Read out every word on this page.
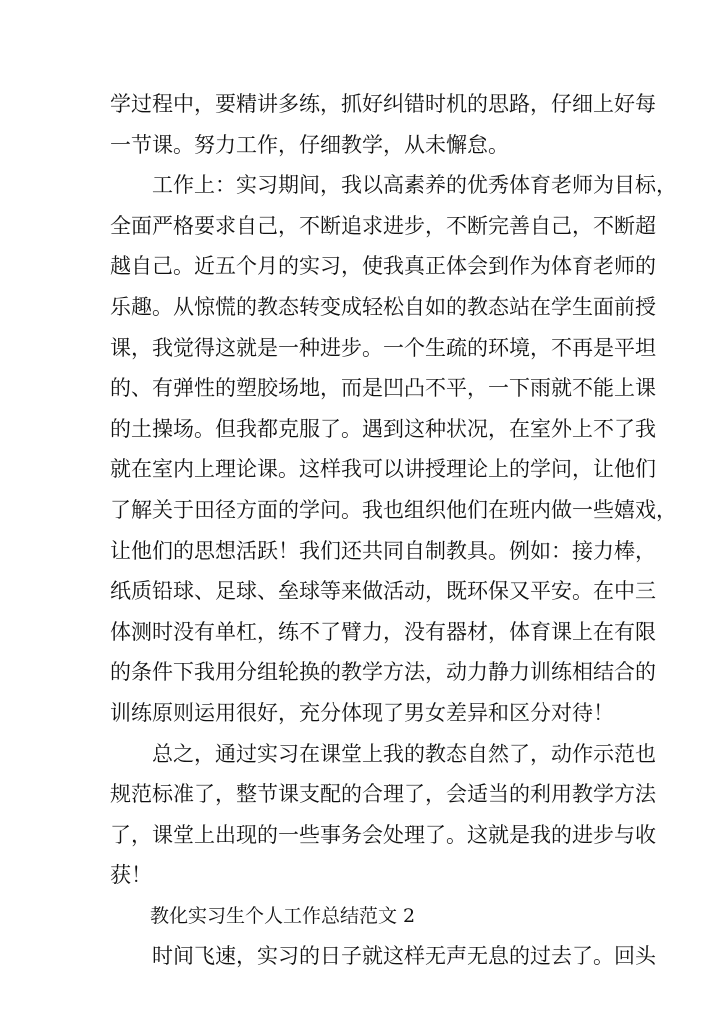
学过程中，要精讲多练，抓好纠错时机的思路，仔细上好每
一节课。努力工作，仔细教学，从未懈怠。
工作上：实习期间，我以高素养的优秀体育老师为目标，
全面严格要求自己，不断追求进步，不断完善自己，不断超
越自己。近五个月的实习，使我真正体会到作为体育老师的
乐趣。从惊慌的教态转变成轻松自如的教态站在学生面前授
课，我觉得这就是一种进步。一个生疏的环境，不再是平坦
的、有弹性的塑胶场地，而是凹凸不平，一下雨就不能上课
的土操场。但我都克服了。遇到这种状况，在室外上不了我
就在室内上理论课。这样我可以讲授理论上的学问，让他们
了解关于田径方面的学问。我也组织他们在班内做一些嬉戏，
让他们的思想活跃！我们还共同自制教具。例如：接力棒，
纸质铅球、足球、垒球等来做活动，既环保又平安。在中三
体测时没有单杠，练不了臂力，没有器材，体育课上在有限
的条件下我用分组轮换的教学方法，动力静力训练相结合的
训练原则运用很好，充分体现了男女差异和区分对待！
总之，通过实习在课堂上我的教态自然了，动作示范也
规范标准了，整节课支配的合理了，会适当的利用教学方法
了，课堂上出现的一些事务会处理了。这就是我的进步与收
获！
教化实习生个人工作总结范文 2
时间飞速，实习的日子就这样无声无息的过去了。回头
